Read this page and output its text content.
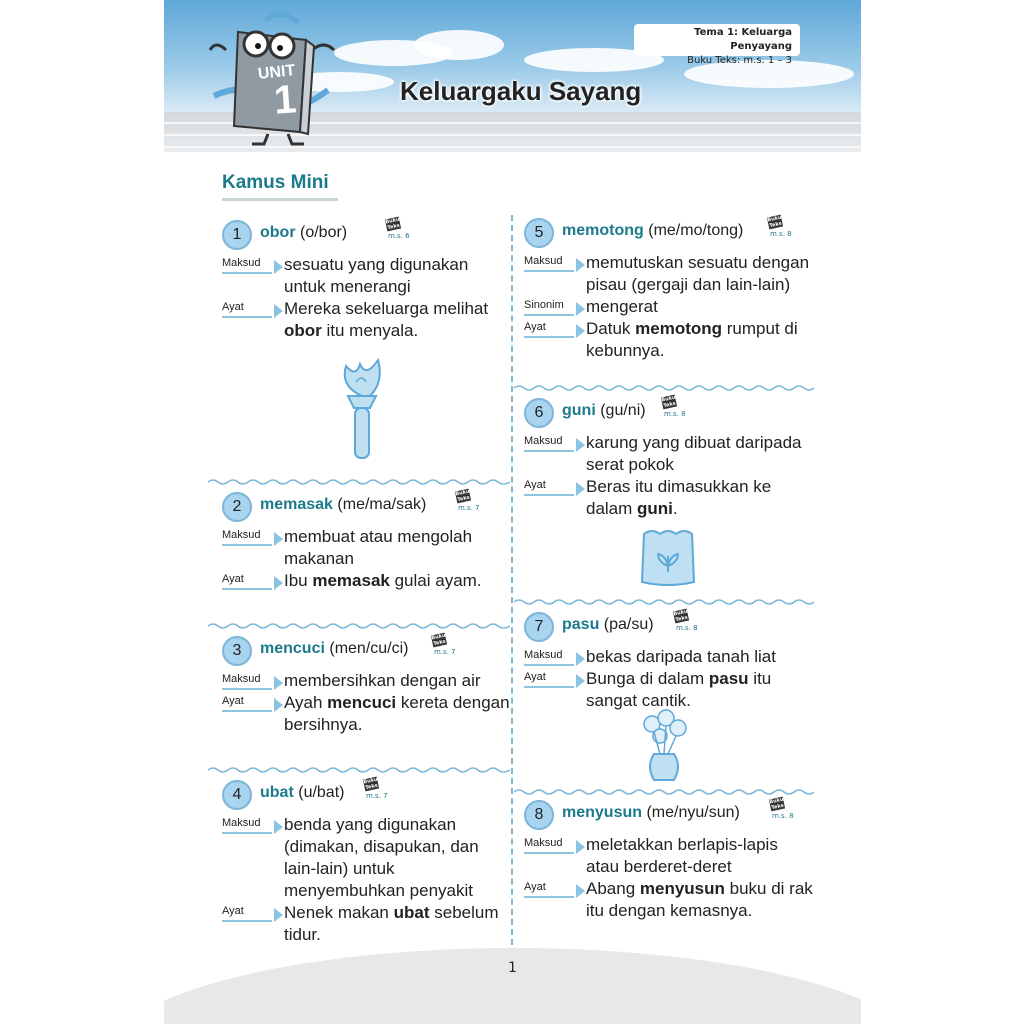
UNIT
1
Tema 1: Keluarga Penyayang
Buku Teks: m.s. 1 – 3
Keluargaku Sayang
Kamus Mini
1	obor (o/bor)
Buku Teks
m.s. 6
Maksud	sesuatu yang digunakan untuk menerangi
Ayat	Mereka sekeluarga melihat obor itu menyala.
2	memasak (me/ma/sak)
Buku Teks
m.s. 7
Maksud	membuat atau mengolah makanan
Ayat	Ibu memasak gulai ayam.
3	mencuci (men/cu/ci)
Buku Teks
m.s. 7
Maksud	membersihkan dengan air
Ayat	Ayah mencuci kereta dengan bersihnya.
4	ubat (u/bat)
Buku Teks
m.s. 7
Maksud	benda yang digunakan (dimakan, disapukan, dan lain-lain) untuk menyembuhkan penyakit
Ayat	Nenek makan ubat sebelum tidur.
5	memotong (me/mo/tong)
Buku Teks
m.s. 8
Maksud	memutuskan sesuatu dengan pisau (gergaji dan lain-lain)
Sinonim	mengerat
Ayat	Datuk memotong rumput di kebunnya.
6	guni (gu/ni)
Buku Teks
m.s. 8
Maksud	karung yang dibuat daripada serat pokok
Ayat	Beras itu dimasukkan ke dalam guni.
7	pasu (pa/su)
Buku Teks
m.s. 8
Maksud	bekas daripada tanah liat
Ayat	Bunga di dalam pasu itu sangat cantik.
8	menyusun (me/nyu/sun)
Buku Teks
m.s. 8
Maksud	meletakkan berlapis-lapis atau berderet-deret
Ayat	Abang menyusun buku di rak itu dengan kemasnya.
1
